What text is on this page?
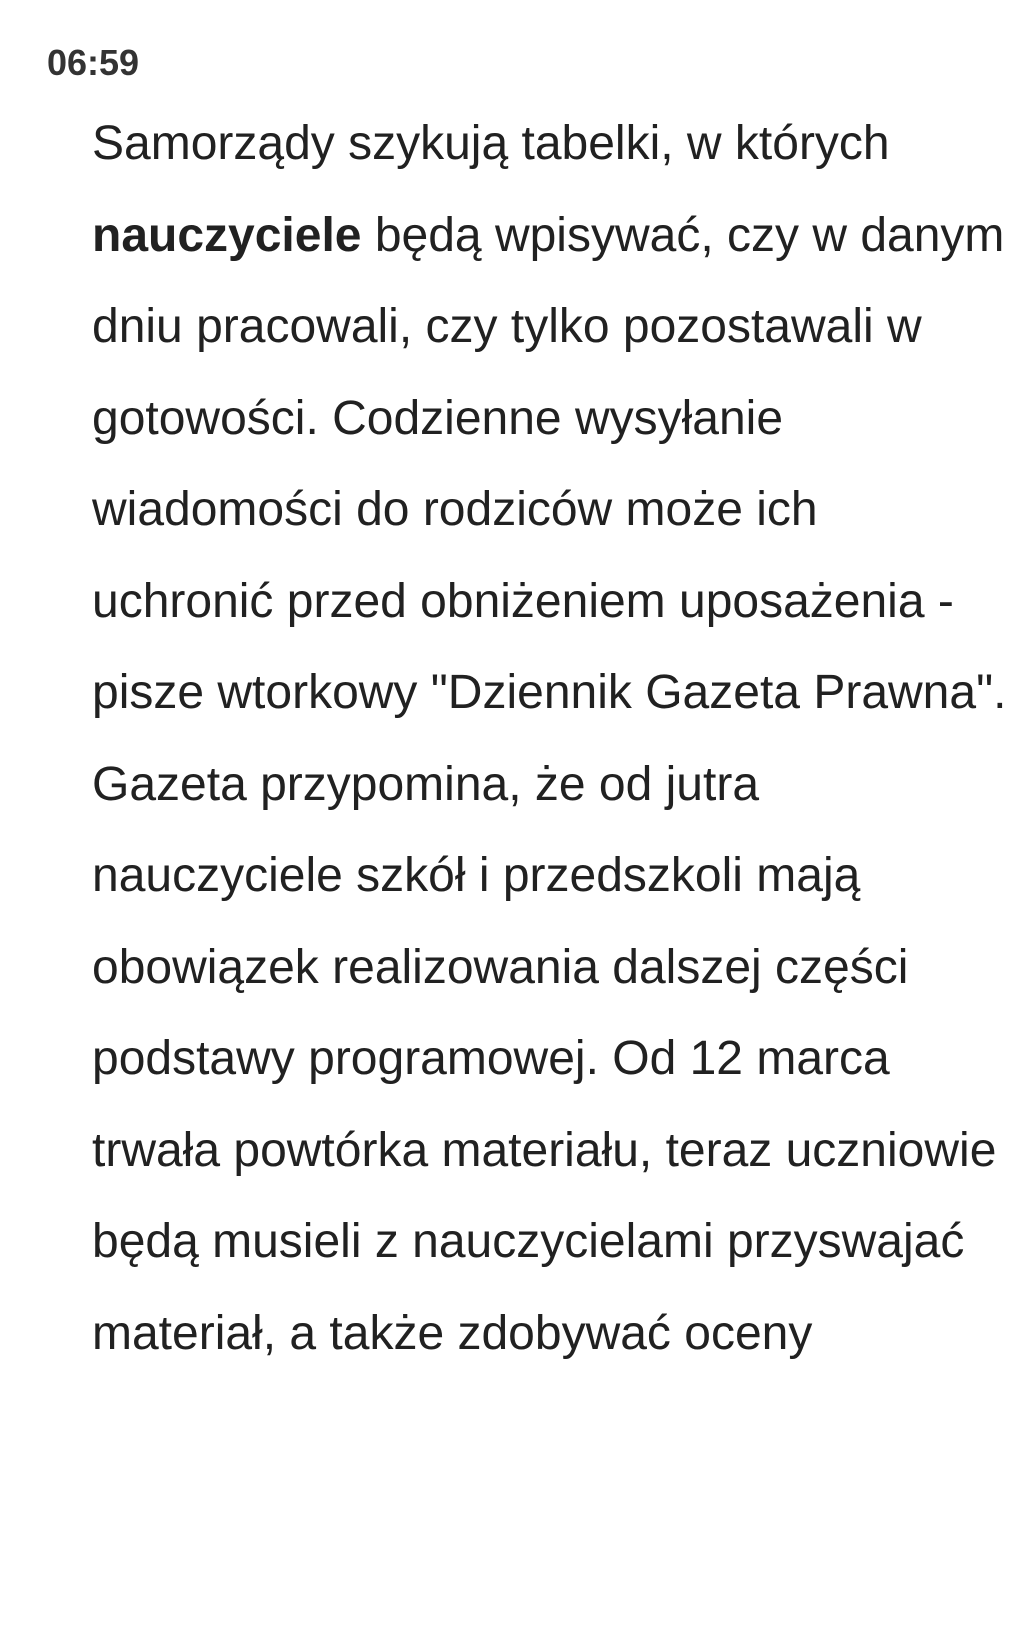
06:59

Samorządy szykują tabelki, w których nauczyciele będą wpisywać, czy w danym dniu pracowali, czy tylko pozostawali w gotowości. Codzienne wysyłanie wiadomości do rodziców może ich uchronić przed obniżeniem uposażenia - pisze wtorkowy "Dziennik Gazeta Prawna". Gazeta przypomina, że od jutra nauczyciele szkół i przedszkoli mają obowiązek realizowania dalszej części podstawy programowej. Od 12 marca trwała powtórka materiału, teraz uczniowie będą musieli z nauczycielami przyswajać materiał, a także zdobywać oceny
